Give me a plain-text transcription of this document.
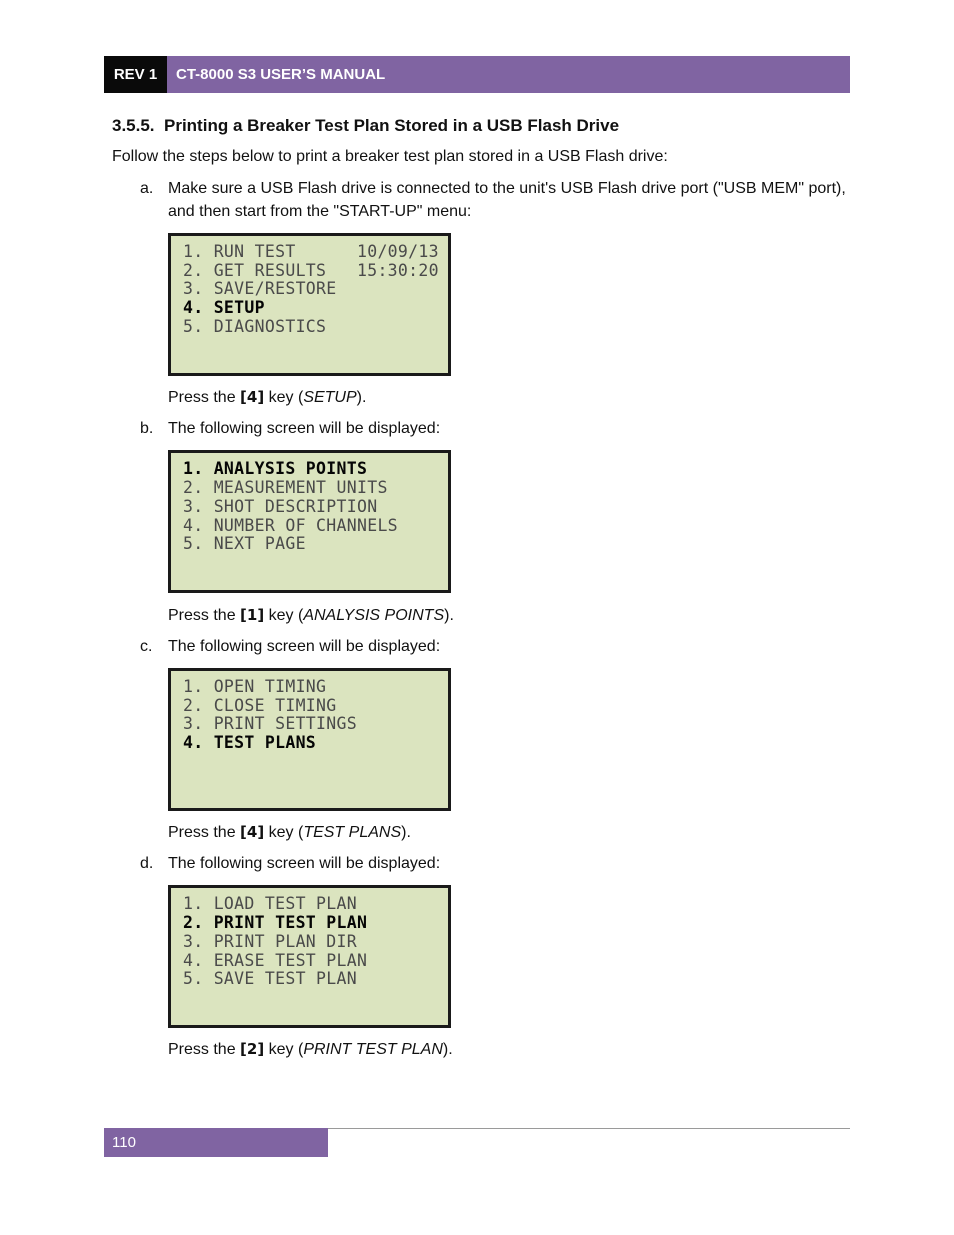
REV 1	CT-8000 S3 USER’S MANUAL
3.5.5. Printing a Breaker Test Plan Stored in a USB Flash Drive

Follow the steps below to print a breaker test plan stored in a USB Flash drive:

a. Make sure a USB Flash drive is connected to the unit's USB Flash drive port ("USB MEM" port), and then start from the "START-UP" menu:

1. RUN TEST      10/09/13
2. GET RESULTS   15:30:20
3. SAVE/RESTORE
4. SETUP
5. DIAGNOSTICS

Press the [4] key (SETUP).

b. The following screen will be displayed:

1. ANALYSIS POINTS
2. MEASUREMENT UNITS
3. SHOT DESCRIPTION
4. NUMBER OF CHANNELS
5. NEXT PAGE

Press the [1] key (ANALYSIS POINTS).

c. The following screen will be displayed:

1. OPEN TIMING
2. CLOSE TIMING
3. PRINT SETTINGS
4. TEST PLANS

Press the [4] key (TEST PLANS).

d. The following screen will be displayed:

1. LOAD TEST PLAN
2. PRINT TEST PLAN
3. PRINT PLAN DIR
4. ERASE TEST PLAN
5. SAVE TEST PLAN

Press the [2] key (PRINT TEST PLAN).

110
